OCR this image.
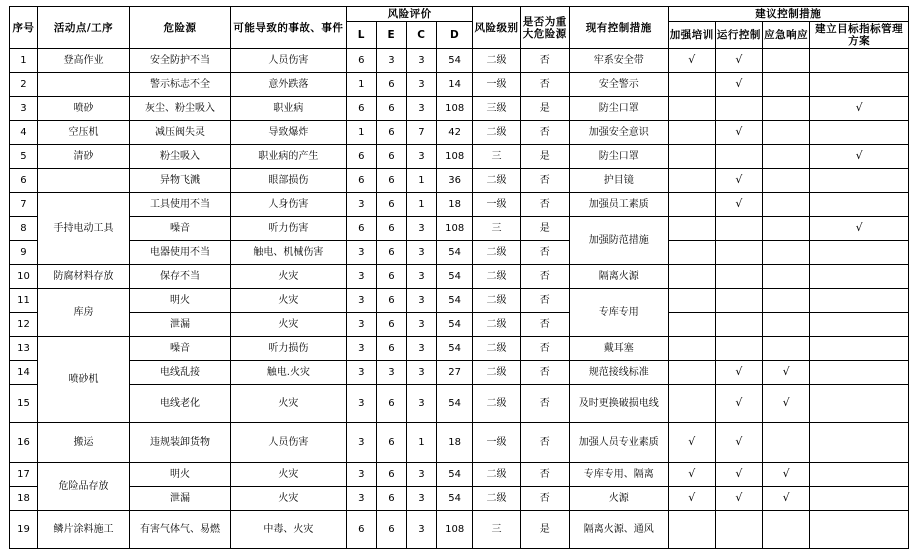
序号	活动点/工序	危险源	可能导致的事故、事件	风险评价				风险级别	是否为重大危险源	现有控制措施	建议控制措施			
				L	E	C	D				加强培训	运行控制	应急响应	建立目标指标管理方案
1	登高作业	安全防护不当	人员伤害	6	3	3	54	二级	否	牢系安全带	√	√		
2		警示标志不全	意外跌落	1	6	3	14	一级	否	安全警示		√		
3	喷砂	灰尘、粉尘吸入	职业病	6	6	3	108	三级	是	防尘口罩				√
4	空压机	减压阀失灵	导致爆炸	1	6	7	42	二级	否	加强安全意识		√		
5	清砂	粉尘吸入	职业病的产生	6	6	3	108	三	是	防尘口罩				√
6		异物飞溅	眼部损伤	6	6	1	36	二级	否	护目镜		√		
7	手持电动工具	工具使用不当	人身伤害	3	6	1	18	一级	否	加强员工素质		√		
8		噪音	听力伤害	6	6	3	108	三	是	加强防范措施				√
9		电器使用不当	触电、机械伤害	3	6	3	54	二级	否					
10	防腐材料存放	保存不当	火灾	3	6	3	54	二级	否	隔离火源				
11	库房	明火	火灾	3	6	3	54	二级	否	专库专用				
12		泄漏	火灾	3	6	3	54	二级	否					
13	喷砂机	噪音	听力损伤	3	6	3	54	二级	否	戴耳塞				
14		电线乱接	触电.火灾	3	3	3	27	二级	否	规范接线标准		√	√	
15		电线老化	火灾	3	6	3	54	二级	否	及时更换破损电线		√	√	
16	搬运	违规装卸货物	人员伤害	3	6	1	18	一级	否	加强人员专业素质	√	√		
17	危险品存放	明火	火灾	3	6	3	54	二级	否	专库专用、隔离	√	√	√	
18		泄漏	火灾	3	6	3	54	二级	否	火源	√	√	√	
19	鳞片涂料施工	有害气体气、易燃	中毒、火灾	6	6	3	108	三	是	隔离火源、通风				
